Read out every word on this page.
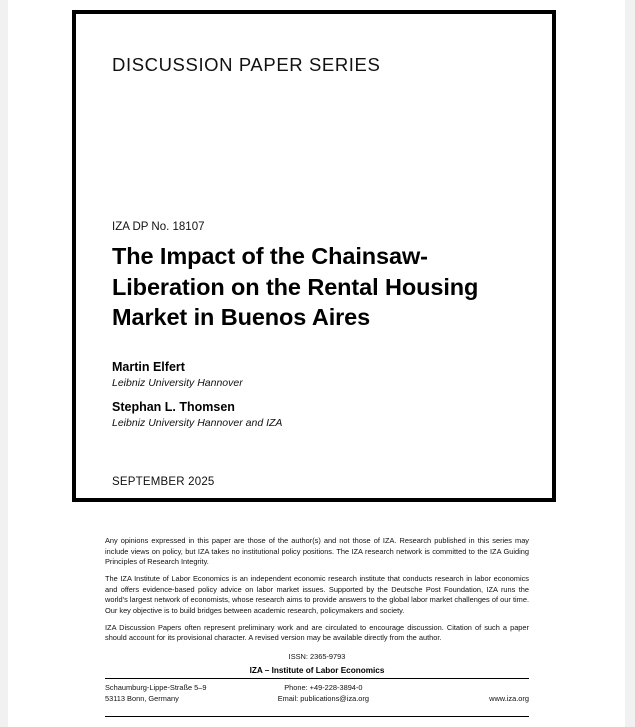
DISCUSSION PAPER SERIES
IZA DP No. 18107
The Impact of the Chainsaw-Liberation on the Rental Housing Market in Buenos Aires
Martin Elfert
Leibniz University Hannover
Stephan L. Thomsen
Leibniz University Hannover and IZA
SEPTEMBER 2025
Any opinions expressed in this paper are those of the author(s) and not those of IZA. Research published in this series may include views on policy, but IZA takes no institutional policy positions. The IZA research network is committed to the IZA Guiding Principles of Research Integrity.
The IZA Institute of Labor Economics is an independent economic research institute that conducts research in labor economics and offers evidence-based policy advice on labor market issues. Supported by the Deutsche Post Foundation, IZA runs the world's largest network of economists, whose research aims to provide answers to the global labor market challenges of our time. Our key objective is to build bridges between academic research, policymakers and society.
IZA Discussion Papers often represent preliminary work and are circulated to encourage discussion. Citation of such a paper should account for its provisional character. A revised version may be available directly from the author.
ISSN: 2365-9793
IZA – Institute of Labor Economics
Schaumburg-Lippe-Straße 5–9
53113 Bonn, Germany
Phone: +49-228-3894-0
Email: publications@iza.org	www.iza.org
